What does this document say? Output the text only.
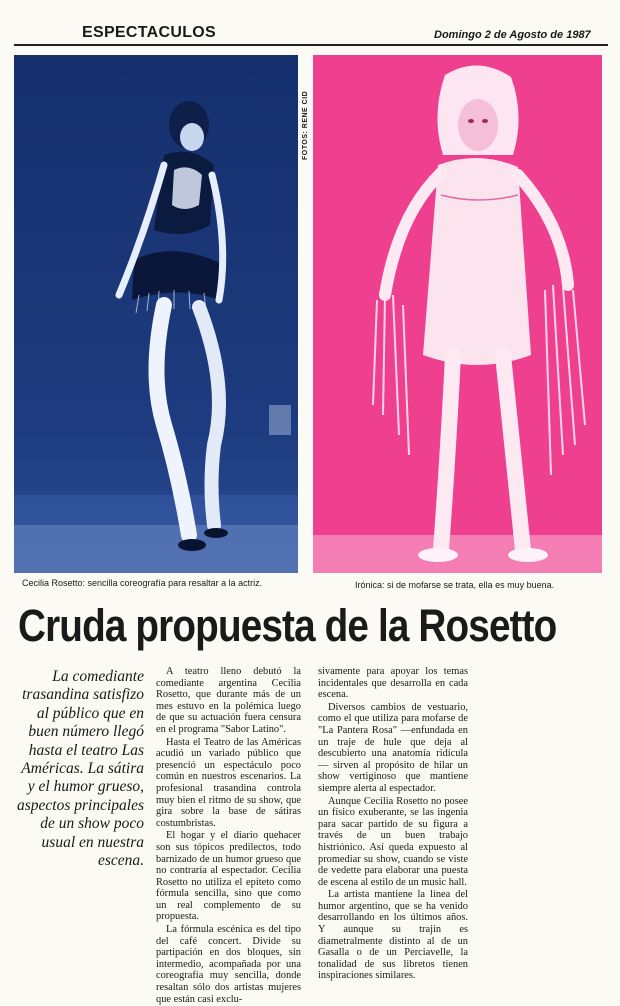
ESPECTACULOS	Domingo 2 de Agosto de 1987
FOTOS: RENE CID
Cecilia Rosetto: sencilla coreografía para resaltar a la actriz.	Irónica: si de mofarse se trata, ella es muy buena.
Cruda propuesta de la Rosetto
La comediante trasandina satisfizo al público que en buen número llegó hasta el teatro Las Américas. La sátira y el humor grueso, aspectos principales de un show poco usual en nuestra escena.

A teatro lleno debutó la comediante argentina Cecilia Rosetto, que durante más de un mes estuvo en la polémica luego de que su actuación fuera censura en el programa "Sabor Latino".

Hasta el Teatro de las Américas acudió un variado público que presenció un espectáculo poco común en nuestros escenarios. La profesional trasandina controla muy bien el ritmo de su show, que gira sobre la base de sátiras costumbristas.

El hogar y el diario quehacer son sus tópicos predilectos, todo barnizado de un humor grueso que no contraría al espectador. Cecilia Rosetto no utiliza el epíteto como fórmula sencilla, sino que como un real complemento de su propuesta.

La fórmula escénica es del tipo del café concert. Divide su partipación en dos bloques, sin intermedio, acompañada por una coreografía muy sencilla, donde resaltan sólo dos artistas mujeres que están casi exclu-

sivamente para apoyar los temas incidentales que desarrolla en cada escena.

Diversos cambios de vestuario, como el que utiliza para mofarse de "La Pantera Rosa" —enfundada en un traje de hule que deja al descubierto una anatomía ridícula— sirven al propósito de hilar un show vertiginoso que mantiene siempre alerta al espectador.

Aunque Cecilia Rosetto no posee un físico exuberante, se las ingenia para sacar partido de su figura a través de un buen trabajo histriónico. Así queda expuesto al promediar su show, cuando se viste de vedette para elaborar una puesta de escena al estilo de un music hall.

La artista mantiene la línea del humor argentino, que se ha venido desarrollando en los últimos años. Y aunque su trajin es diametralmente distinto al de un Gasalla o de un Perciavelle, la tonalidad de sus libretos tienen inspiraciones similares.
